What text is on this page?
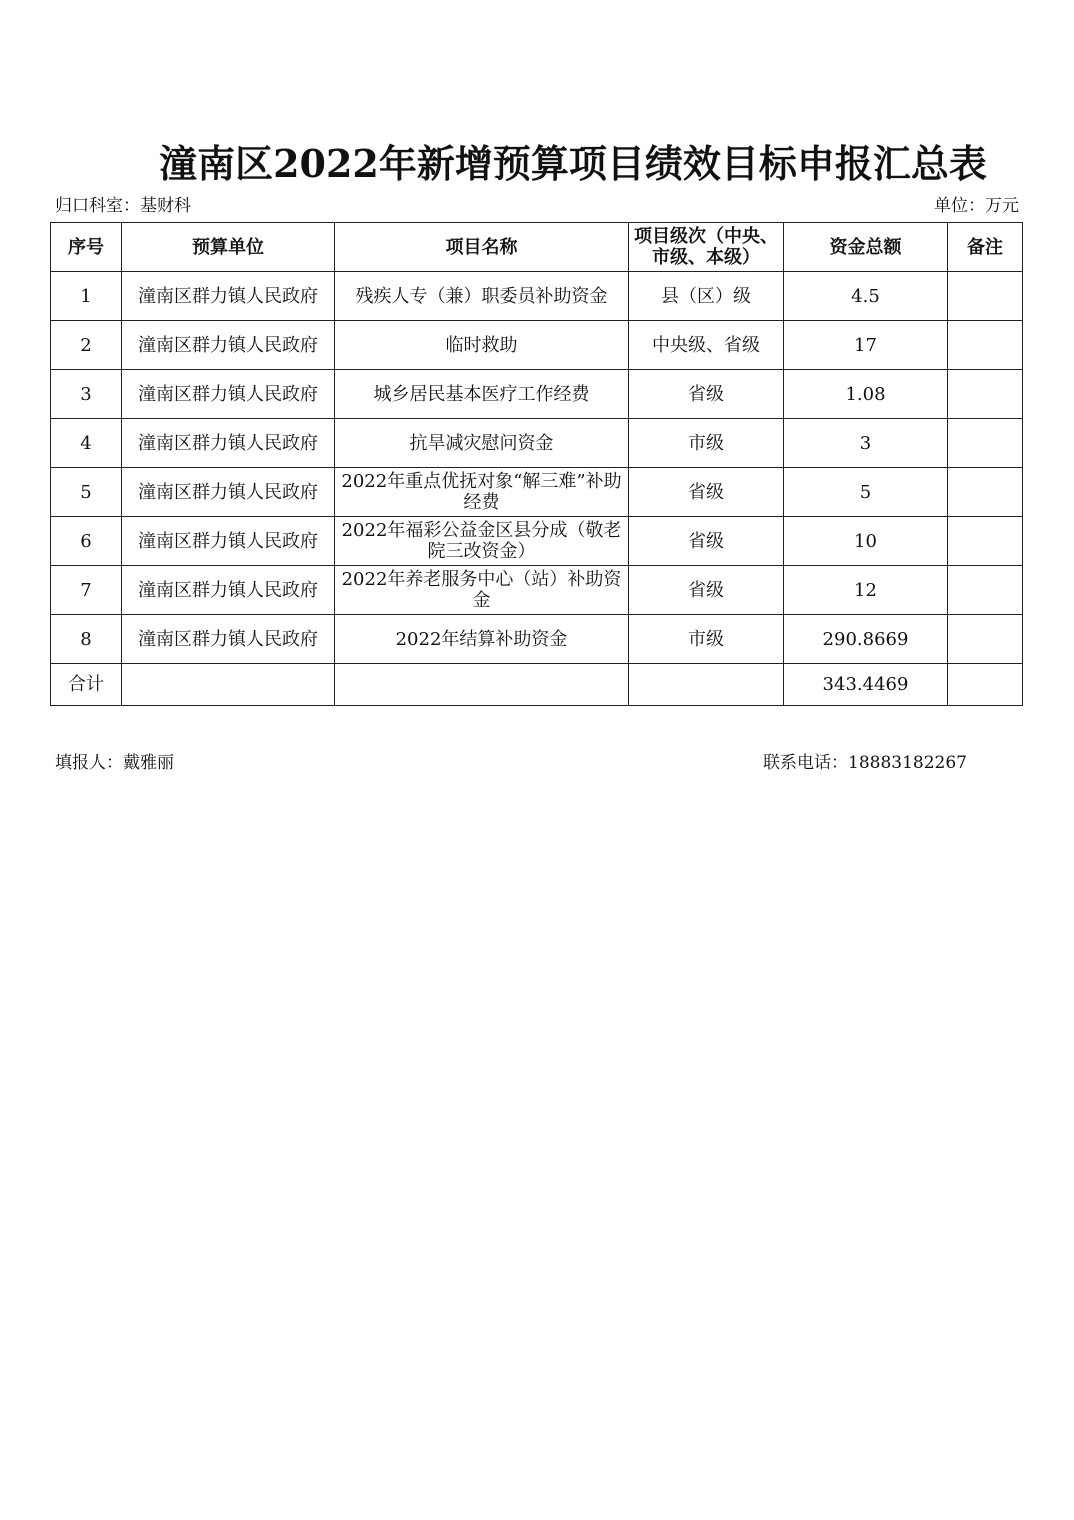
潼南区2022年新增预算项目绩效目标申报汇总表
归口科室：基财科	单位：万元
序号	预算单位	项目名称	项目级次（中央、市级、本级）	资金总额	备注
1	潼南区群力镇人民政府	残疾人专（兼）职委员补助资金	县（区）级	4.5	
2	潼南区群力镇人民政府	临时救助	中央级、省级	17	
3	潼南区群力镇人民政府	城乡居民基本医疗工作经费	省级	1.08	
4	潼南区群力镇人民政府	抗旱减灾慰问资金	市级	3	
5	潼南区群力镇人民政府	2022年重点优抚对象“解三难”补助经费	省级	5	
6	潼南区群力镇人民政府	2022年福彩公益金区县分成（敬老院三改资金）	省级	10	
7	潼南区群力镇人民政府	2022年养老服务中心（站）补助资金	省级	12	
8	潼南区群力镇人民政府	2022年结算补助资金	市级	290.8669	
合计				343.4469	
填报人：戴雅丽	联系电话：18883182267
